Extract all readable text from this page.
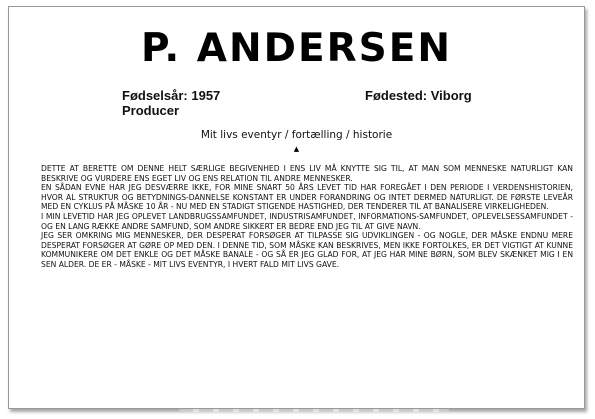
P. ANDERSEN
Fødselsår: 1957
Producer
Fødested: Viborg
Mit livs eventyr / fortælling / historie
▲

DETTE AT BERETTE OM DENNE HELT SÆRLIGE BEGIVENHED I ENS LIV MÅ KNYTTE SIG TIL, AT MAN SOM MENNESKE NATURLIGT KAN BESKRIVE OG VURDERE ENS EGET LIV OG ENS RELATION TIL ANDRE MENNESKER.

EN SÅDAN EVNE HAR JEG DESVÆRRE IKKE, FOR MINE SNART 50 ÅRS LEVET TID HAR FOREGÅET I DEN PERIODE I VERDENSHISTORIEN, HVOR AL STRUKTUR OG BETYDNINGS-DANNELSE KONSTANT ER UNDER FORANDRING OG INTET DERMED NATURLIGT. DE FØRSTE LEVEÅR MED EN CYKLUS PÅ MÅSKE 10 ÅR - NU MED EN STADIGT STIGENDE HASTIGHED, DER TENDERER TIL AT BANALISERE VIRKELIGHEDEN.

I MIN LEVETID HAR JEG OPLEVET LANDBRUGSSAMFUNDET, INDUSTRISAMFUNDET, INFORMATIONS-SAMFUNDET, OPLEVELSESSAMFUNDET - OG EN LANG RÆKKE ANDRE SAMFUND, SOM ANDRE SIKKERT ER BEDRE END JEG TIL AT GIVE NAVN.

JEG SER OMKRING MIG MENNESKER, DER DESPERAT FORSØGER AT TILPASSE SIG UDVIKLINGEN - OG NOGLE, DER MÅSKE ENDNU MERE DESPERAT FORSØGER AT GØRE OP MED DEN. I DENNE TID, SOM MÅSKE KAN BESKRIVES, MEN IKKE FORTOLKES, ER DET VIGTIGT AT KUNNE KOMMUNIKERE OM DET ENKLE OG DET MÅSKE BANALE - OG SÅ ER JEG GLAD FOR, AT JEG HAR MINE BØRN, SOM BLEV SKÆNKET MIG I EN SEN ALDER. DE ER - MÅSKE - MIT LIVS EVENTYR, I HVERT FALD MIT LIVS GAVE.
